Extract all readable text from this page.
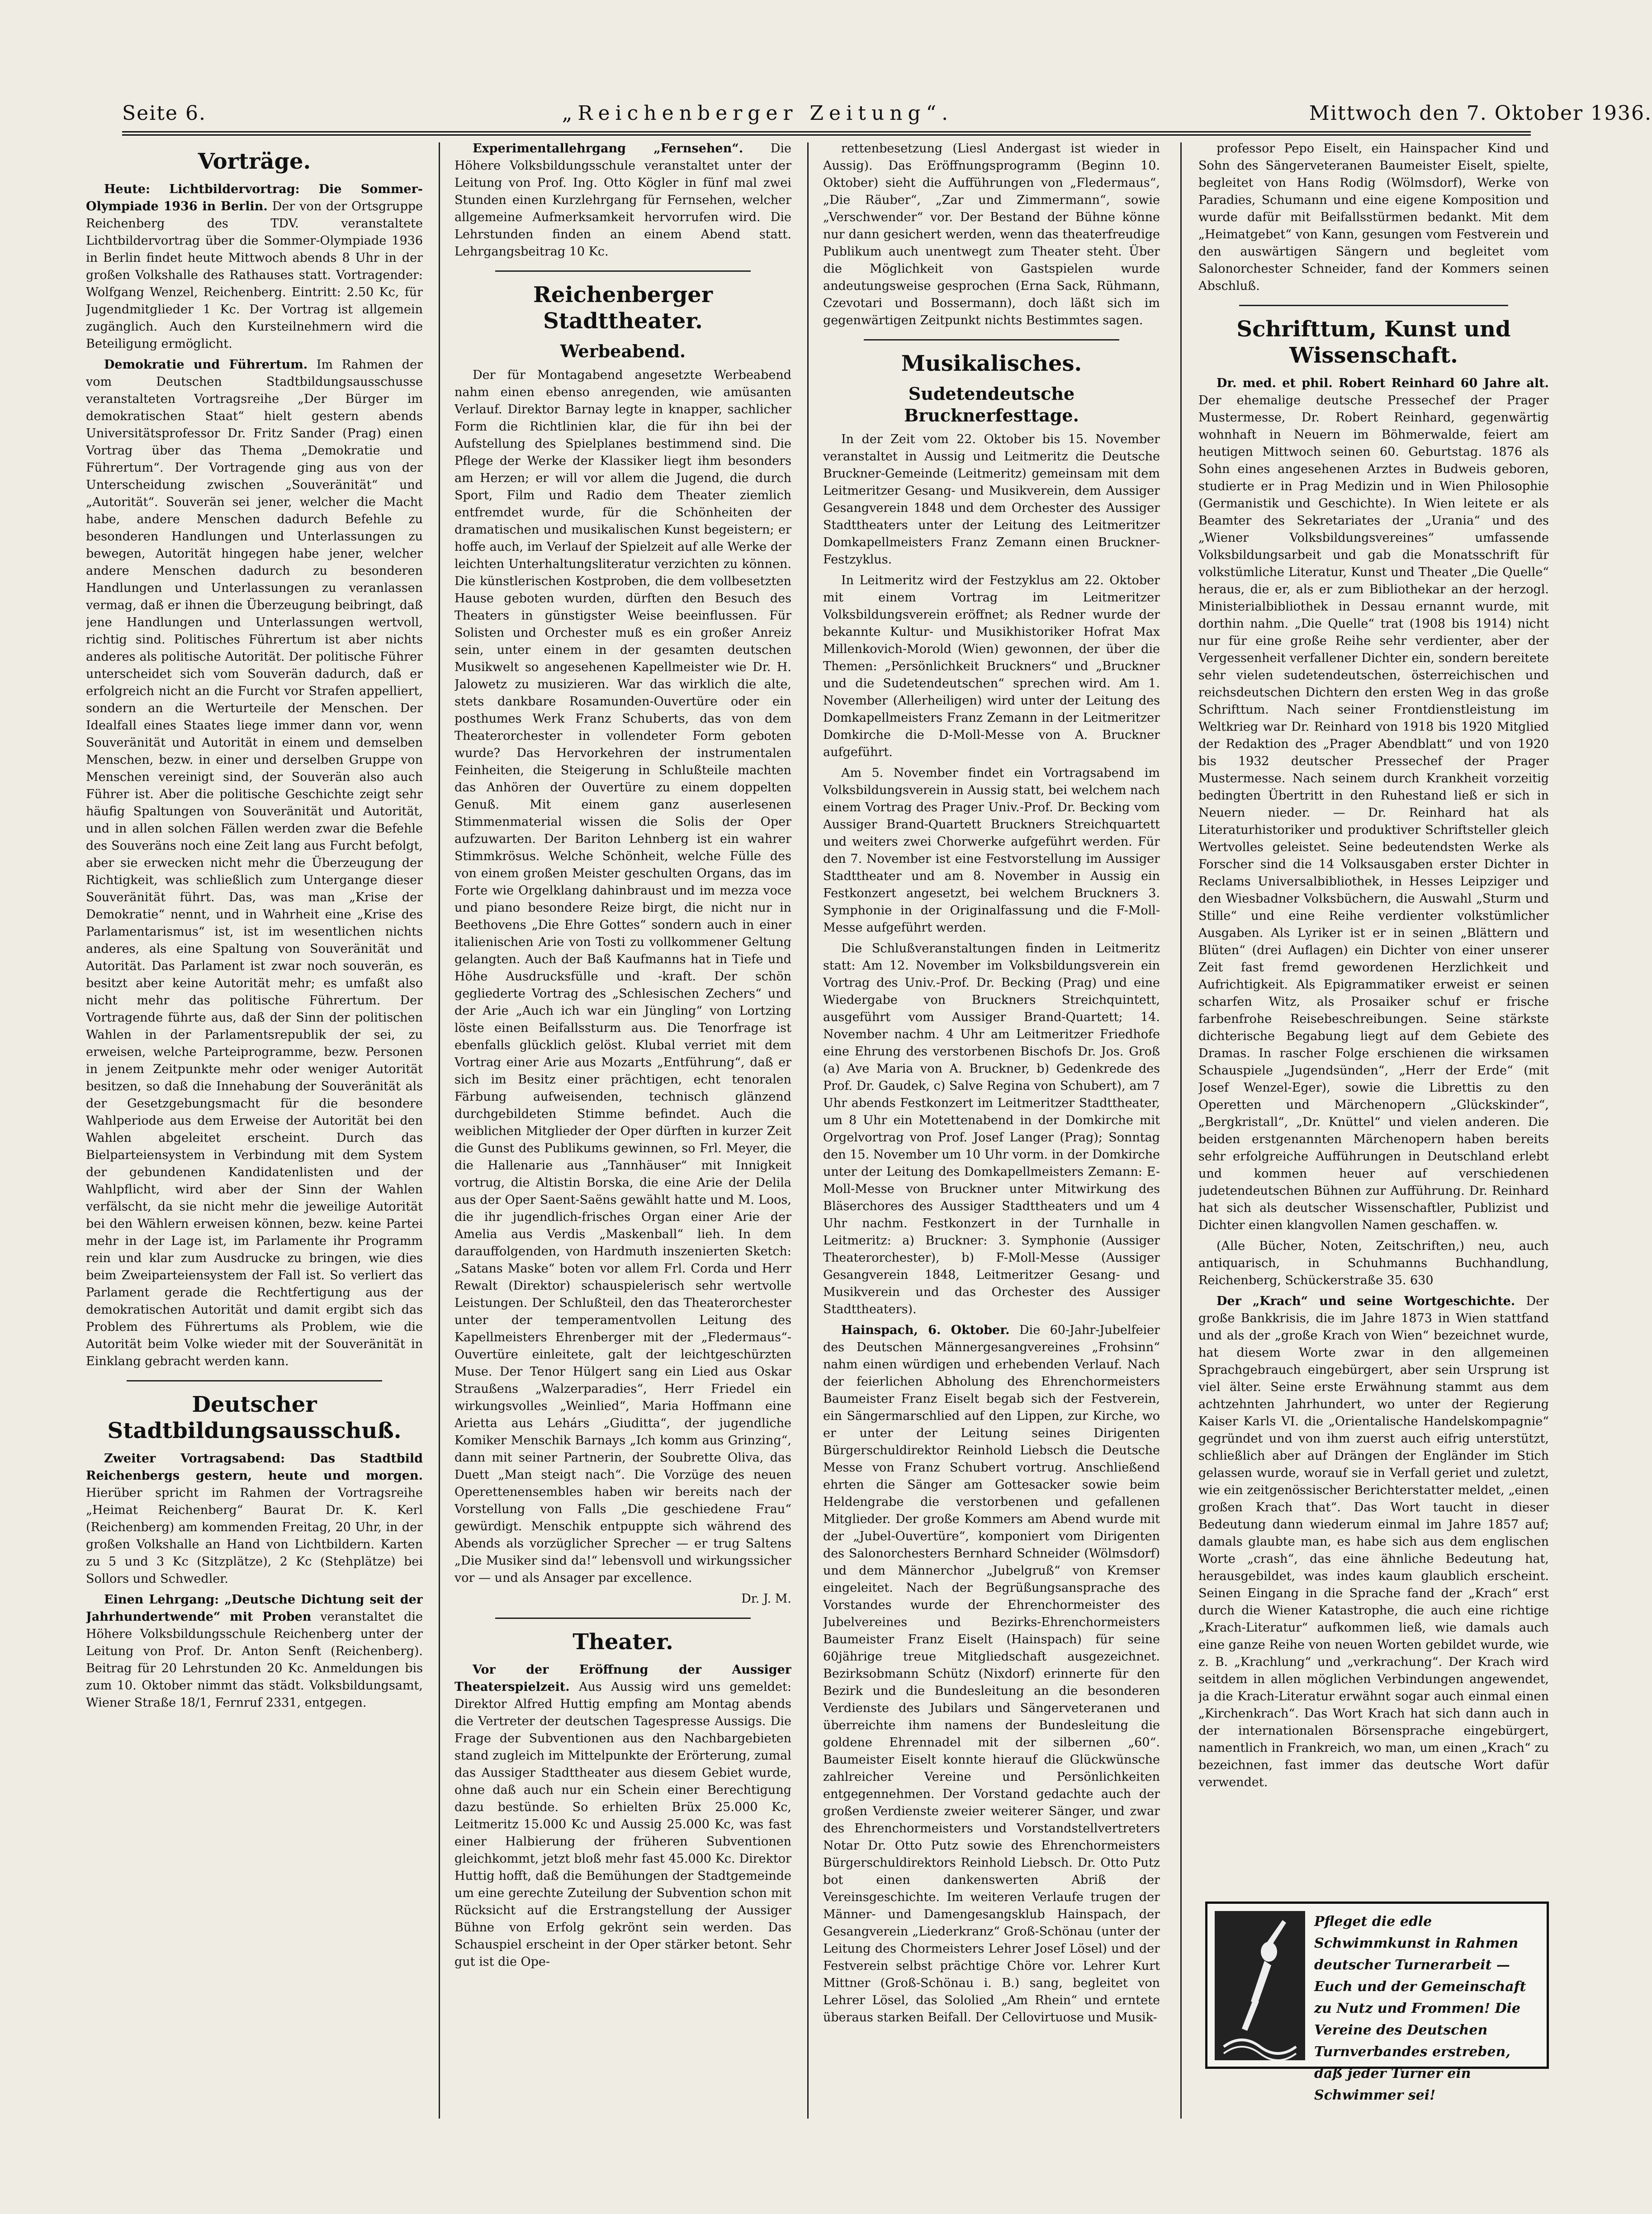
Seite 6.	„Reichenberger Zeitung“.	Mittwoch den 7. Oktober 1936.
Vorträge.

Heute: Lichtbildervortrag: Die Sommer-Olympiade 1936 in Berlin. Der von der Ortsgruppe Reichenberg des TDV. veranstaltete Lichtbildervortrag über die Sommer-Olympiade 1936 in Berlin findet heute Mittwoch abends 8 Uhr in der großen Volkshalle des Rathauses statt. Vortragender: Wolfgang Wenzel, Reichenberg. Eintritt: 2.50 Kc, für Jugendmitglieder 1 Kc. Der Vortrag ist allgemein zugänglich. Auch den Kursteilnehmern wird die Beteiligung ermöglicht.

Demokratie und Führertum. Im Rahmen der vom Deutschen Stadtbildungsausschusse veranstalteten Vortragsreihe „Der Bürger im demokratischen Staat“ hielt gestern abends Universitätsprofessor Dr. Fritz Sander (Prag) einen Vortrag über das Thema „Demokratie und Führertum“. Der Vortragende ging aus von der Unterscheidung zwischen „Souveränität“ und „Autorität“. Souverän sei jener, welcher die Macht habe, andere Menschen dadurch Befehle zu besonderen Handlungen und Unterlassungen zu bewegen, Autorität hingegen habe jener, welcher andere Menschen dadurch zu besonderen Handlungen und Unterlassungen zu veranlassen vermag, daß er ihnen die Überzeugung beibringt, daß jene Handlungen und Unterlassungen wertvoll, richtig sind. Politisches Führertum ist aber nichts anderes als politische Autorität. Der politische Führer unterscheidet sich vom Souverän dadurch, daß er erfolgreich nicht an die Furcht vor Strafen appelliert, sondern an die Werturteile der Menschen. Der Idealfall eines Staates liege immer dann vor, wenn Souveränität und Autorität in einem und demselben Menschen, bezw. in einer und derselben Gruppe von Menschen vereinigt sind, der Souverän also auch Führer ist. Aber die politische Geschichte zeigt sehr häufig Spaltungen von Souveränität und Autorität, und in allen solchen Fällen werden zwar die Befehle des Souveräns noch eine Zeit lang aus Furcht befolgt, aber sie erwecken nicht mehr die Überzeugung der Richtigkeit, was schließlich zum Untergange dieser Souveränität führt. Das, was man „Krise der Demokratie“ nennt, und in Wahrheit eine „Krise des Parlamentarismus“ ist, ist im wesentlichen nichts anderes, als eine Spaltung von Souveränität und Autorität. Das Parlament ist zwar noch souverän, es besitzt aber keine Autorität mehr; es umfaßt also nicht mehr das politische Führertum. Der Vortragende führte aus, daß der Sinn der politischen Wahlen in der Parlamentsrepublik der sei, zu erweisen, welche Parteiprogramme, bezw. Personen in jenem Zeitpunkte mehr oder weniger Autorität besitzen, so daß die Innehabung der Souveränität als der Gesetzgebungsmacht für die besondere Wahlperiode aus dem Erweise der Autorität bei den Wahlen abgeleitet erscheint. Durch das Bielparteiensystem in Verbindung mit dem System der gebundenen Kandidatenlisten und der Wahlpflicht, wird aber der Sinn der Wahlen verfälscht, da sie nicht mehr die jeweilige Autorität bei den Wählern erweisen können, bezw. keine Partei mehr in der Lage ist, im Parlamente ihr Programm rein und klar zum Ausdrucke zu bringen, wie dies beim Zweiparteiensystem der Fall ist. So verliert das Parlament gerade die Rechtfertigung aus der demokratischen Autorität und damit ergibt sich das Problem des Führertums als Problem, wie die Autorität beim Volke wieder mit der Souveränität in Einklang gebracht werden kann.

Deutscher Stadtbildungsausschuß.

Zweiter Vortragsabend: Das Stadtbild Reichenbergs gestern, heute und morgen. Hierüber spricht im Rahmen der Vortragsreihe „Heimat Reichenberg“ Baurat Dr. K. Kerl (Reichenberg) am kommenden Freitag, 20 Uhr, in der großen Volkshalle an Hand von Lichtbildern. Karten zu 5 und 3 Kc (Sitzplätze), 2 Kc (Stehplätze) bei Sollors und Schwedler.

Einen Lehrgang: „Deutsche Dichtung seit der Jahrhundertwende“ mit Proben veranstaltet die Höhere Volksbildungsschule Reichenberg unter der Leitung von Prof. Dr. Anton Senft (Reichenberg). Beitrag für 20 Lehrstunden 20 Kc. Anmeldungen bis zum 10. Oktober nimmt das städt. Volksbildungsamt, Wiener Straße 18/1, Fernruf 2331, entgegen.

Experimentallehrgang „Fernsehen“. Die Höhere Volksbildungsschule veranstaltet unter der Leitung von Prof. Ing. Otto Kögler in fünf mal zwei Stunden einen Kurzlehrgang für Fernsehen, welcher allgemeine Aufmerksamkeit hervorrufen wird. Die Lehrstunden finden an einem Abend statt. Lehrgangsbeitrag 10 Kc.

Reichenberger Stadttheater.
Werbeabend.

Der für Montagabend angesetzte Werbeabend nahm einen ebenso anregenden, wie amüsanten Verlauf. Direktor Barnay legte in knapper, sachlicher Form die Richtlinien klar, die für ihn bei der Aufstellung des Spielplanes bestimmend sind. Die Pflege der Werke der Klassiker liegt ihm besonders am Herzen; er will vor allem die Jugend, die durch Sport, Film und Radio dem Theater ziemlich entfremdet wurde, für die Schönheiten der dramatischen und musikalischen Kunst begeistern; er hoffe auch, im Verlauf der Spielzeit auf alle Werke der leichten Unterhaltungsliteratur verzichten zu können. Die künstlerischen Kostproben, die dem vollbesetzten Hause geboten wurden, dürften den Besuch des Theaters in günstigster Weise beeinflussen. Für Solisten und Orchester muß es ein großer Anreiz sein, unter einem in der gesamten deutschen Musikwelt so angesehenen Kapellmeister wie Dr. H. Jalowetz zu musizieren. War das wirklich die alte, stets dankbare Rosamunden-Ouvertüre oder ein posthumes Werk Franz Schuberts, das von dem Theaterorchester in vollendeter Form geboten wurde? Das Hervorkehren der instrumentalen Feinheiten, die Steigerung in Schlußteile machten das Anhören der Ouvertüre zu einem doppelten Genuß. Mit einem ganz auserlesenen Stimmenmaterial wissen die Solis der Oper aufzuwarten. Der Bariton Lehnberg ist ein wahrer Stimmkrösus. Welche Schönheit, welche Fülle des von einem großen Meister geschulten Organs, das im Forte wie Orgelklang dahinbraust und im mezza voce und piano besondere Reize birgt, die nicht nur in Beethovens „Die Ehre Gottes“ sondern auch in einer italienischen Arie von Tosti zu vollkommener Geltung gelangten. Auch der Baß Kaufmanns hat in Tiefe und Höhe Ausdrucksfülle und -kraft. Der schön gegliederte Vortrag des „Schlesischen Zechers“ und der Arie „Auch ich war ein Jüngling“ von Lortzing löste einen Beifallssturm aus. Die Tenorfrage ist ebenfalls glücklich gelöst. Klubal verriet mit dem Vortrag einer Arie aus Mozarts „Entführung“, daß er sich im Besitz einer prächtigen, echt tenoralen Färbung aufweisenden, technisch glänzend durchgebildeten Stimme befindet. Auch die weiblichen Mitglieder der Oper dürften in kurzer Zeit die Gunst des Publikums gewinnen, so Frl. Meyer, die die Hallenarie aus „Tannhäuser“ mit Innigkeit vortrug, die Altistin Borska, die eine Arie der Delila aus der Oper Saent-Saëns gewählt hatte und M. Loos, die ihr jugendlich-frisches Organ einer Arie der Amelia aus Verdis „Maskenball“ lieh. In dem darauffolgenden, von Hardmuth inszenierten Sketch: „Satans Maske“ boten vor allem Frl. Corda und Herr Rewalt (Direktor) schauspielerisch sehr wertvolle Leistungen. Der Schlußteil, den das Theaterorchester unter der temperamentvollen Leitung des Kapellmeisters Ehrenberger mit der „Fledermaus“-Ouvertüre einleitete, galt der leichtgeschürzten Muse. Der Tenor Hülgert sang ein Lied aus Oskar Straußens „Walzerparadies“, Herr Friedel ein wirkungsvolles „Weinlied“, Maria Hoffmann eine Arietta aus Lehárs „Giuditta“, der jugendliche Komiker Menschik Barnays „Ich komm aus Grinzing“, dann mit seiner Partnerin, der Soubrette Oliva, das Duett „Man steigt nach“. Die Vorzüge des neuen Operettenensembles haben wir bereits nach der Vorstellung von Falls „Die geschiedene Frau“ gewürdigt. Menschik entpuppte sich während des Abends als vorzüglicher Sprecher — er trug Saltens „Die Musiker sind da!“ lebensvoll und wirkungssicher vor — und als Ansager par excellence.

Dr. J. M.

Theater.

Vor der Eröffnung der Aussiger Theaterspielzeit. Aus Aussig wird uns gemeldet: Direktor Alfred Huttig empfing am Montag abends die Vertreter der deutschen Tagespresse Aussigs. Die Frage der Subventionen aus den Nachbargebieten stand zugleich im Mittelpunkte der Erörterung, zumal das Aussiger Stadttheater aus diesem Gebiet wurde, ohne daß auch nur ein Schein einer Berechtigung dazu bestünde. So erhielten Brüx 25.000 Kc, Leitmeritz 15.000 Kc und Aussig 25.000 Kc, was fast einer Halbierung der früheren Subventionen gleichkommt, jetzt bloß mehr fast 45.000 Kc. Direktor Huttig hofft, daß die Bemühungen der Stadtgemeinde um eine gerechte Zuteilung der Subvention schon mit Rücksicht auf die Erstrangstellung der Aussiger Bühne von Erfolg gekrönt sein werden. Das Schauspiel erscheint in der Oper stärker betont. Sehr gut ist die Ope-

rettenbesetzung (Liesl Andergast ist wieder in Aussig). Das Eröffnungsprogramm (Beginn 10. Oktober) sieht die Aufführungen von „Fledermaus“, „Die Räuber“, „Zar und Zimmermann“, sowie „Verschwender“ vor. Der Bestand der Bühne könne nur dann gesichert werden, wenn das theaterfreudige Publikum auch unentwegt zum Theater steht. Über die Möglichkeit von Gastspielen wurde andeutungsweise gesprochen (Erna Sack, Rühmann, Czevotari und Bossermann), doch läßt sich im gegenwärtigen Zeitpunkt nichts Bestimmtes sagen.

Musikalisches.
Sudetendeutsche Brucknerfesttage.

In der Zeit vom 22. Oktober bis 15. November veranstaltet in Aussig und Leitmeritz die Deutsche Bruckner-Gemeinde (Leitmeritz) gemeinsam mit dem Leitmeritzer Gesang- und Musikverein, dem Aussiger Gesangverein 1848 und dem Orchester des Aussiger Stadttheaters unter der Leitung des Leitmeritzer Domkapellmeisters Franz Zemann einen Bruckner-Festzyklus.

In Leitmeritz wird der Festzyklus am 22. Oktober mit einem Vortrag im Leitmeritzer Volksbildungsverein eröffnet; als Redner wurde der bekannte Kultur- und Musikhistoriker Hofrat Max Millenkovich-Morold (Wien) gewonnen, der über die Themen: „Persönlichkeit Bruckners“ und „Bruckner und die Sudetendeutschen“ sprechen wird. Am 1. November (Allerheiligen) wird unter der Leitung des Domkapellmeisters Franz Zemann in der Leitmeritzer Domkirche die D-Moll-Messe von A. Bruckner aufgeführt.

Am 5. November findet ein Vortragsabend im Volksbildungsverein in Aussig statt, bei welchem nach einem Vortrag des Prager Univ.-Prof. Dr. Becking vom Aussiger Brand-Quartett Bruckners Streichquartett und weiters zwei Chorwerke aufgeführt werden. Für den 7. November ist eine Festvorstellung im Aussiger Stadttheater und am 8. November in Aussig ein Festkonzert angesetzt, bei welchem Bruckners 3. Symphonie in der Originalfassung und die F-Moll-Messe aufgeführt werden.

Die Schlußveranstaltungen finden in Leitmeritz statt: Am 12. November im Volksbildungsverein ein Vortrag des Univ.-Prof. Dr. Becking (Prag) und eine Wiedergabe von Bruckners Streichquintett, ausgeführt vom Aussiger Brand-Quartett; 14. November nachm. 4 Uhr am Leitmeritzer Friedhofe eine Ehrung des verstorbenen Bischofs Dr. Jos. Groß (a) Ave Maria von A. Bruckner, b) Gedenkrede des Prof. Dr. Gaudek, c) Salve Regina von Schubert), am 7 Uhr abends Festkonzert im Leitmeritzer Stadttheater, um 8 Uhr ein Motettenabend in der Domkirche mit Orgelvortrag von Prof. Josef Langer (Prag); Sonntag den 15. November um 10 Uhr vorm. in der Domkirche unter der Leitung des Domkapellmeisters Zemann: E-Moll-Messe von Bruckner unter Mitwirkung des Bläserchores des Aussiger Stadttheaters und um 4 Uhr nachm. Festkonzert in der Turnhalle in Leitmeritz: a) Bruckner: 3. Symphonie (Aussiger Theaterorchester), b) F-Moll-Messe (Aussiger Gesangverein 1848, Leitmeritzer Gesang- und Musikverein und das Orchester des Aussiger Stadttheaters).

Hainspach, 6. Oktober. Die 60-Jahr-Jubelfeier des Deutschen Männergesangvereines „Frohsinn“ nahm einen würdigen und erhebenden Verlauf. Nach der feierlichen Abholung des Ehrenchormeisters Baumeister Franz Eiselt begab sich der Festverein, ein Sängermarschlied auf den Lippen, zur Kirche, wo er unter der Leitung seines Dirigenten Bürgerschuldirektor Reinhold Liebsch die Deutsche Messe von Franz Schubert vortrug. Anschließend ehrten die Sänger am Gottesacker sowie beim Heldengrabe die verstorbenen und gefallenen Mitglieder. Der große Kommers am Abend wurde mit der „Jubel-Ouvertüre“, komponiert vom Dirigenten des Salonorchesters Bernhard Schneider (Wölmsdorf) und dem Männerchor „Jubelgruß“ von Kremser eingeleitet. Nach der Begrüßungsansprache des Vorstandes wurde der Ehrenchormeister des Jubelvereines und Bezirks-Ehrenchormeisters Baumeister Franz Eiselt (Hainspach) für seine 60jährige treue Mitgliedschaft ausgezeichnet. Bezirksobmann Schütz (Nixdorf) erinnerte für den Bezirk und die Bundesleitung an die besonderen Verdienste des Jubilars und Sängerveteranen und überreichte ihm namens der Bundesleitung die goldene Ehrennadel mit der silbernen „60“. Baumeister Eiselt konnte hierauf die Glückwünsche zahlreicher Vereine und Persönlichkeiten entgegennehmen. Der Vorstand gedachte auch der großen Verdienste zweier weiterer Sänger, und zwar des Ehrenchormeisters und Vorstandstellvertreters Notar Dr. Otto Putz sowie des Ehrenchormeisters Bürgerschuldirektors Reinhold Liebsch. Dr. Otto Putz bot einen dankenswerten Abriß der Vereinsgeschichte. Im weiteren Verlaufe trugen der Männer- und Damengesangsklub Hainspach, der Gesangverein „Liederkranz“ Groß-Schönau (unter der Leitung des Chormeisters Lehrer Josef Lösel) und der Festverein selbst prächtige Chöre vor. Lehrer Kurt Mittner (Groß-Schönau i. B.) sang, begleitet von Lehrer Lösel, das Sololied „Am Rhein“ und erntete überaus starken Beifall. Der Cellovirtuose und Musik-

professor Pepo Eiselt, ein Hainspacher Kind und Sohn des Sängerveteranen Baumeister Eiselt, spielte, begleitet von Hans Rodig (Wölmsdorf), Werke von Paradies, Schumann und eine eigene Komposition und wurde dafür mit Beifallsstürmen bedankt. Mit dem „Heimatgebet“ von Kann, gesungen vom Festverein und den auswärtigen Sängern und begleitet vom Salonorchester Schneider, fand der Kommers seinen Abschluß.

Schrifttum, Kunst und Wissenschaft.

Dr. med. et phil. Robert Reinhard 60 Jahre alt. Der ehemalige deutsche Pressechef der Prager Mustermesse, Dr. Robert Reinhard, gegenwärtig wohnhaft in Neuern im Böhmerwalde, feiert am heutigen Mittwoch seinen 60. Geburtstag. 1876 als Sohn eines angesehenen Arztes in Budweis geboren, studierte er in Prag Medizin und in Wien Philosophie (Germanistik und Geschichte). In Wien leitete er als Beamter des Sekretariates der „Urania“ und des „Wiener Volksbildungsvereines“ umfassende Volksbildungsarbeit und gab die Monatsschrift für volkstümliche Literatur, Kunst und Theater „Die Quelle“ heraus, die er, als er zum Bibliothekar an der herzogl. Ministerialbibliothek in Dessau ernannt wurde, mit dorthin nahm. „Die Quelle“ trat (1908 bis 1914) nicht nur für eine große Reihe sehr verdienter, aber der Vergessenheit verfallener Dichter ein, sondern bereitete sehr vielen sudetendeutschen, österreichischen und reichsdeutschen Dichtern den ersten Weg in das große Schrifttum. Nach seiner Frontdienstleistung im Weltkrieg war Dr. Reinhard von 1918 bis 1920 Mitglied der Redaktion des „Prager Abendblatt“ und von 1920 bis 1932 deutscher Pressechef der Prager Mustermesse. Nach seinem durch Krankheit vorzeitig bedingten Übertritt in den Ruhestand ließ er sich in Neuern nieder. — Dr. Reinhard hat als Literaturhistoriker und produktiver Schriftsteller gleich Wertvolles geleistet. Seine bedeutendsten Werke als Forscher sind die 14 Volksausgaben erster Dichter in Reclams Universalbibliothek, in Hesses Leipziger und den Wiesbadner Volksbüchern, die Auswahl „Sturm und Stille“ und eine Reihe verdienter volkstümlicher Ausgaben. Als Lyriker ist er in seinen „Blättern und Blüten“ (drei Auflagen) ein Dichter von einer unserer Zeit fast fremd gewordenen Herzlichkeit und Aufrichtigkeit. Als Epigrammatiker erweist er seinen scharfen Witz, als Prosaiker schuf er frische farbenfrohe Reisebeschreibungen. Seine stärkste dichterische Begabung liegt auf dem Gebiete des Dramas. In rascher Folge erschienen die wirksamen Schauspiele „Jugendsünden“, „Herr der Erde“ (mit Josef Wenzel-Eger), sowie die Librettis zu den Operetten und Märchenopern „Glückskinder“, „Bergkristall“, „Dr. Knüttel“ und vielen anderen. Die beiden erstgenannten Märchenopern haben bereits sehr erfolgreiche Aufführungen in Deutschland erlebt und kommen heuer auf verschiedenen judetendeutschen Bühnen zur Aufführung. Dr. Reinhard hat sich als deutscher Wissenschaftler, Publizist und Dichter einen klangvollen Namen geschaffen. w.

(Alle Bücher, Noten, Zeitschriften,) neu, auch antiquarisch, in Schuhmanns Buchhandlung, Reichenberg, Schückerstraße 35. 630

Der „Krach“ und seine Wortgeschichte. Der große Bankkrisis, die im Jahre 1873 in Wien stattfand und als der „große Krach von Wien“ bezeichnet wurde, hat diesem Worte zwar in den allgemeinen Sprachgebrauch eingebürgert, aber sein Ursprung ist viel älter. Seine erste Erwähnung stammt aus dem achtzehnten Jahrhundert, wo unter der Regierung Kaiser Karls VI. die „Orientalische Handelskompagnie“ gegründet und von ihm zuerst auch eifrig unterstützt, schließlich aber auf Drängen der Engländer im Stich gelassen wurde, worauf sie in Verfall geriet und zuletzt, wie ein zeitgenössischer Berichterstatter meldet, „einen großen Krach that“. Das Wort taucht in dieser Bedeutung dann wiederum einmal im Jahre 1857 auf; damals glaubte man, es habe sich aus dem englischen Worte „crash“, das eine ähnliche Bedeutung hat, herausgebildet, was indes kaum glaublich erscheint. Seinen Eingang in die Sprache fand der „Krach“ erst durch die Wiener Katastrophe, die auch eine richtige „Krach-Literatur“ aufkommen ließ, wie damals auch eine ganze Reihe von neuen Worten gebildet wurde, wie z. B. „Krachlung“ und „verkrachung“. Der Krach wird seitdem in allen möglichen Verbindungen angewendet, ja die Krach-Literatur erwähnt sogar auch einmal einen „Kirchenkrach“. Das Wort Krach hat sich dann auch in der internationalen Börsensprache eingebürgert, namentlich in Frankreich, wo man, um einen „Krach“ zu bezeichnen, fast immer das deutsche Wort dafür verwendet.

Pfleget die edle Schwimmkunst in Rahmen deutscher Turnerarbeit — Euch und der Gemeinschaft zu Nutz und Frommen! Die Vereine des Deutschen Turnverbandes erstreben, daß jeder Turner ein Schwimmer sei!
